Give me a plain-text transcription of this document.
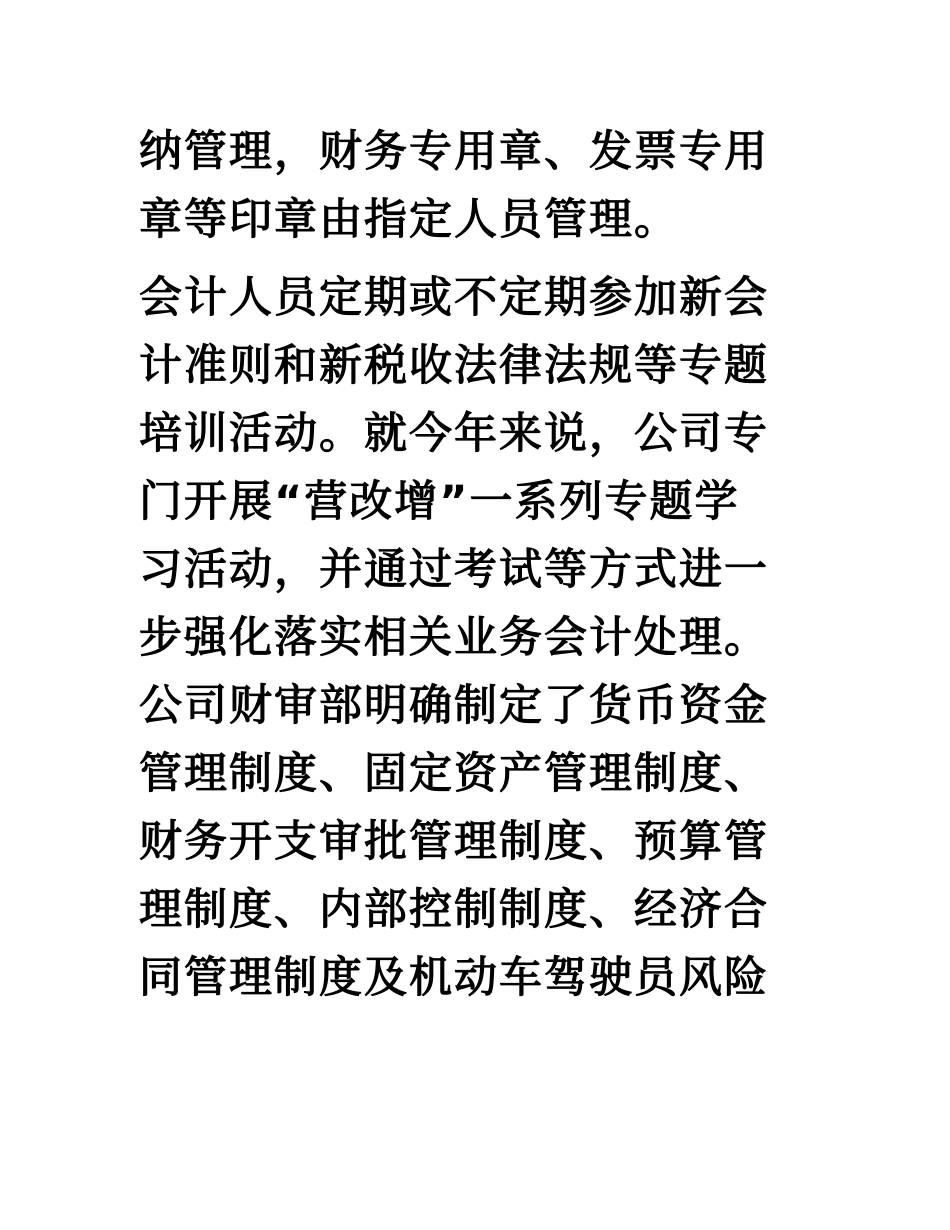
纳管理，财务专用章、发票专用
章等印章由指定人员管理。
会计人员定期或不定期参加新会
计准则和新税收法律法规等专题
培训活动。就今年来说，公司专
门开展“营改增”一系列专题学
习活动，并通过考试等方式进一
步强化落实相关业务会计处理。
公司财审部明确制定了货币资金
管理制度、固定资产管理制度、
财务开支审批管理制度、预算管
理制度、内部控制制度、经济合
同管理制度及机动车驾驶员风险
